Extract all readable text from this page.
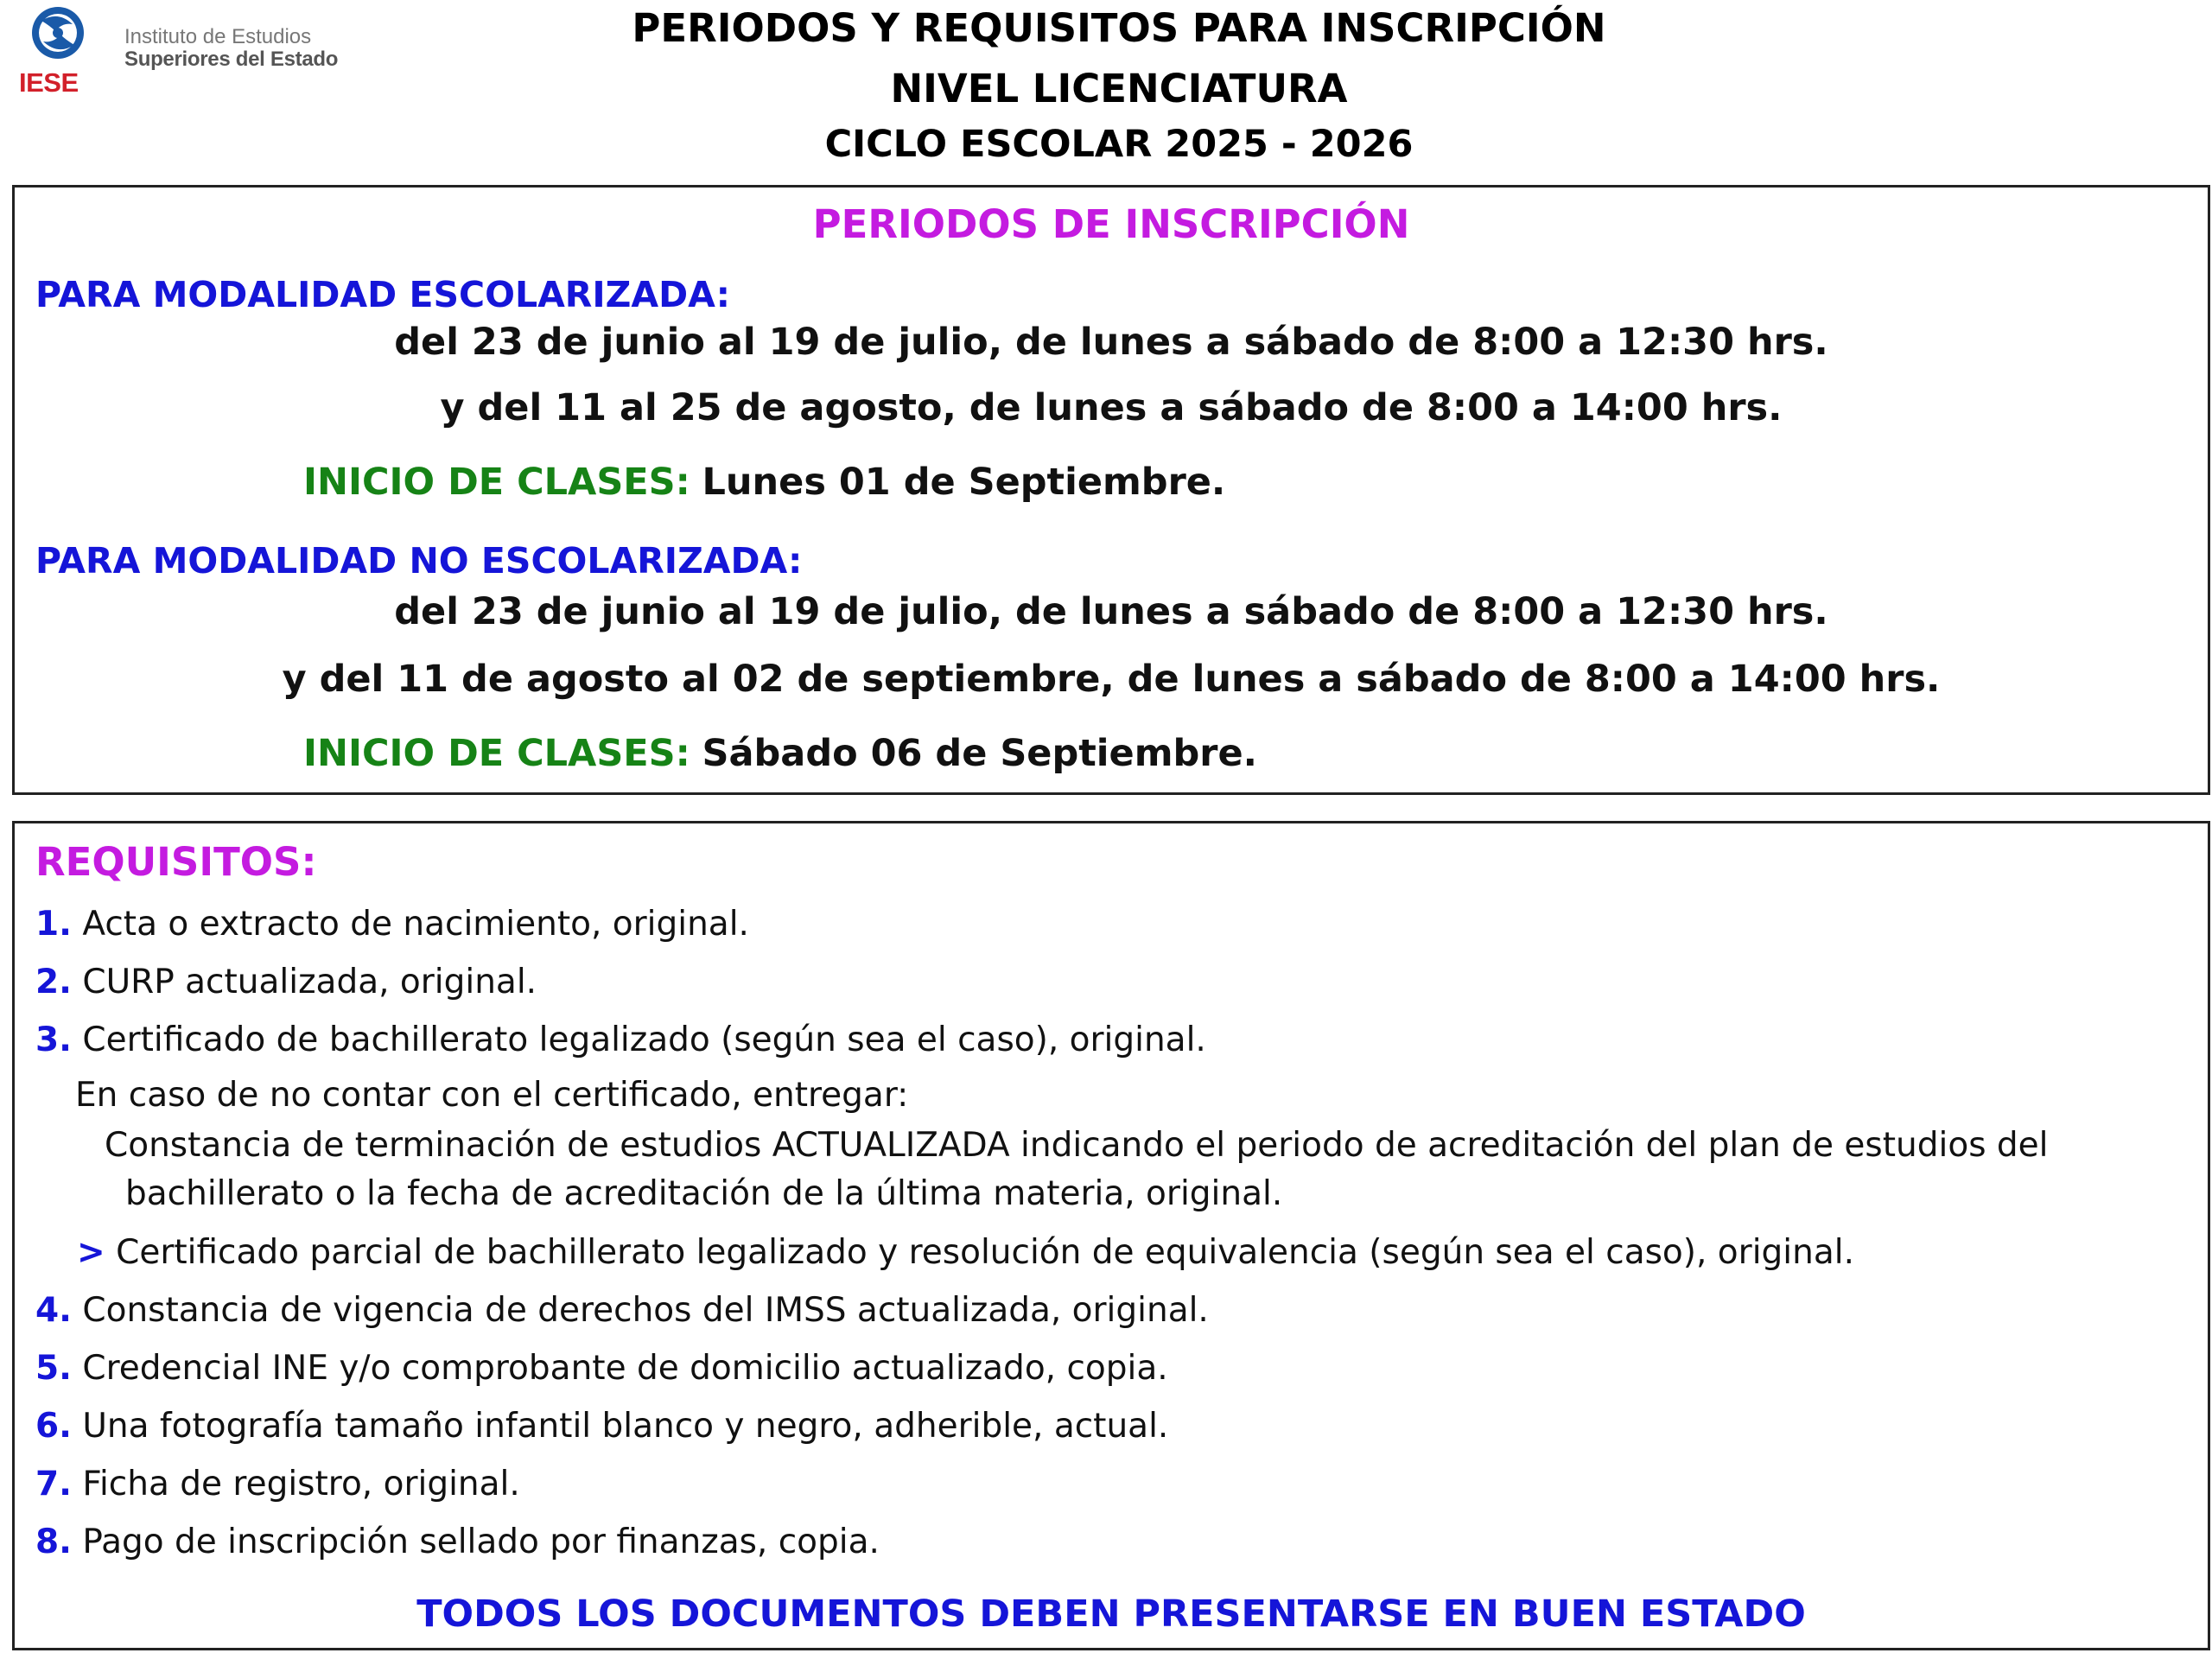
IESE
Instituto de Estudios
Superiores del Estado
PERIODOS Y REQUISITOS PARA INSCRIPCIÓN
NIVEL LICENCIATURA
CICLO ESCOLAR 2025 - 2026
PERIODOS DE INSCRIPCIÓN
PARA MODALIDAD ESCOLARIZADA:
del 23 de junio al 19 de julio, de lunes a sábado de 8:00 a 12:30 hrs.
y del 11 al 25 de agosto, de lunes a sábado de 8:00 a 14:00 hrs.
INICIO DE CLASES: Lunes 01 de Septiembre.
PARA MODALIDAD NO ESCOLARIZADA:
del 23 de junio al 19 de julio, de lunes a sábado de 8:00 a 12:30 hrs.
y del 11 de agosto al 02 de septiembre, de lunes a sábado de 8:00 a 14:00 hrs.
INICIO DE CLASES: Sábado 06 de Septiembre.
REQUISITOS:
1. Acta o extracto de nacimiento, original.
2. CURP actualizada, original.
3. Certificado de bachillerato legalizado (según sea el caso), original.
En caso de no contar con el certificado, entregar:
Constancia de terminación de estudios ACTUALIZADA indicando el periodo de acreditación del plan de estudios del
bachillerato o la fecha de acreditación de la última materia, original.
> Certificado parcial de bachillerato legalizado y resolución de equivalencia (según sea el caso), original.
4. Constancia de vigencia de derechos del IMSS actualizada, original.
5. Credencial INE y/o comprobante de domicilio actualizado, copia.
6. Una fotografía tamaño infantil blanco y negro, adherible, actual.
7. Ficha de registro, original.
8. Pago de inscripción sellado por finanzas, copia.
TODOS LOS DOCUMENTOS DEBEN PRESENTARSE EN BUEN ESTADO
